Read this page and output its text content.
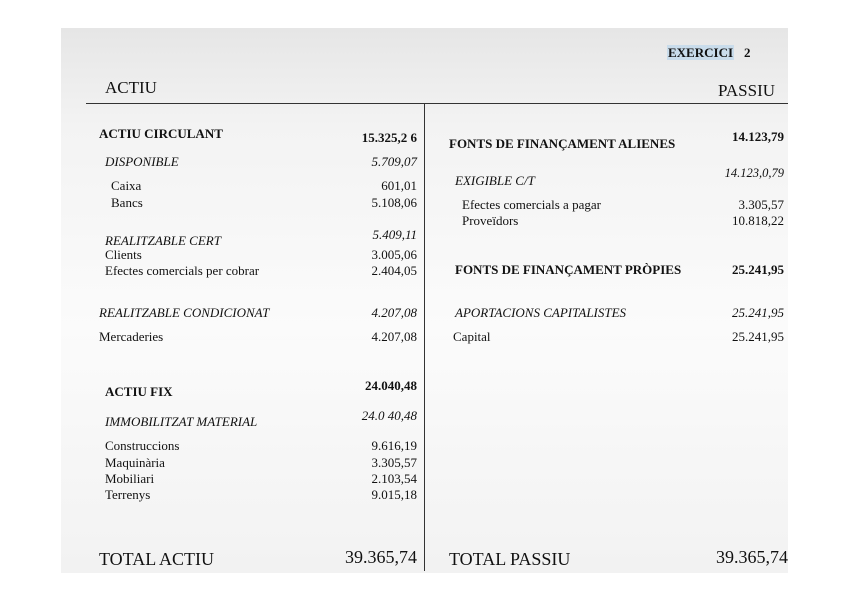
EXERCICI 2
ACTIU	PASSIU
ACTIU CIRCULANT	15.325,2 6
DISPONIBLE	5.709,07
Caixa	601,01
Bancs	5.108,06
REALITZABLE CERT	5.409,11
Clients	3.005,06
Efectes comercials per cobrar	2.404,05
REALITZABLE CONDICIONAT	4.207,08
Mercaderies	4.207,08
ACTIU FIX	24.040,48
IMMOBILITZAT MATERIAL	24.0 40,48
Construccions	9.616,19
Maquinària	3.305,57
Mobiliari	2.103,54
Terrenys	9.015,18
TOTAL ACTIU	39.365,74
FONTS DE FINANÇAMENT ALIENES	14.123,79
EXIGIBLE C/T	14.123,0,79
Efectes comercials a pagar	3.305,57
Proveïdors	10.818,22
FONTS DE FINANÇAMENT PRÒPIES	25.241,95
APORTACIONS CAPITALISTES	25.241,95
Capital	25.241,95
TOTAL PASSIU	39.365,74
